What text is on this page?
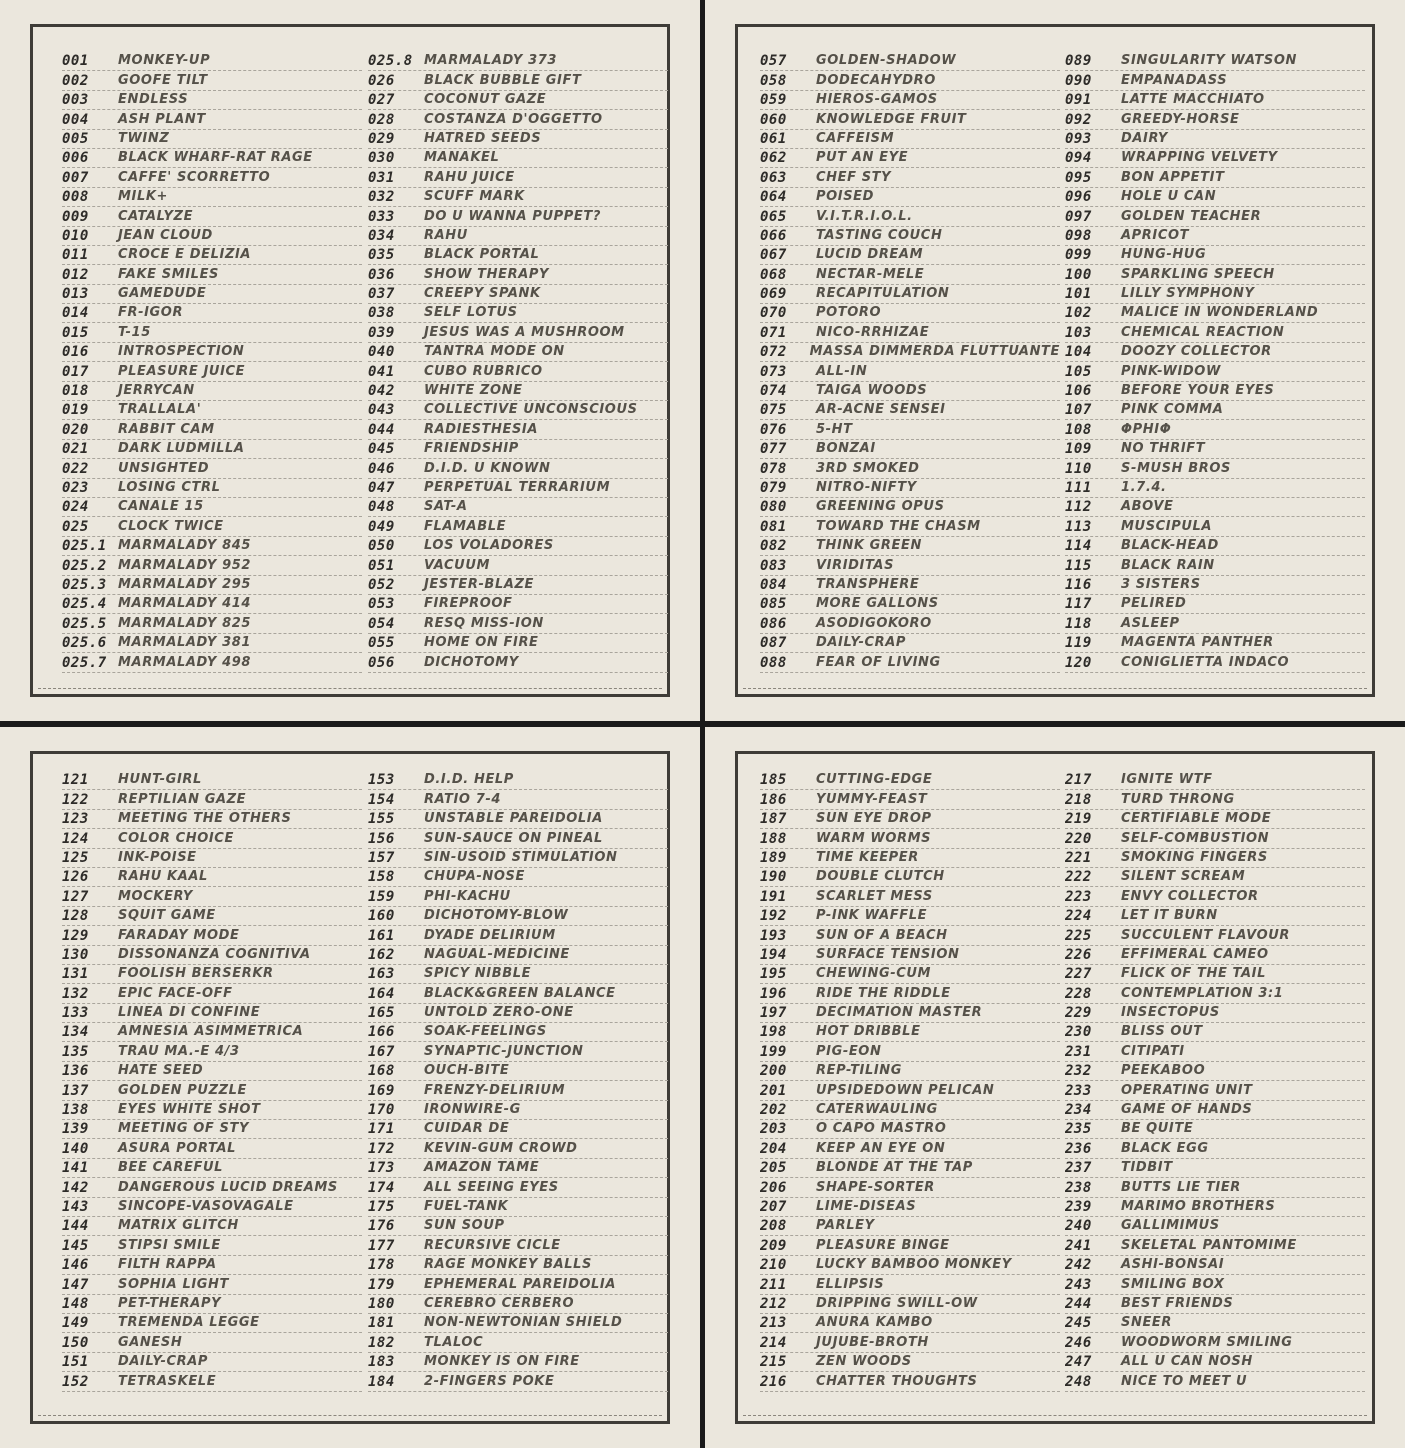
001	MONKEY-UP
002	GOOFE TILT
003	ENDLESS
004	ASH PLANT
005	TWINZ
006	BLACK WHARF-RAT RAGE
007	CAFFE' SCORRETTO
008	MILK+
009	CATALYZE
010	JEAN CLOUD
011	CROCE E DELIZIA
012	FAKE SMILES
013	GAMEDUDE
014	FR-IGOR
015	T-15
016	INTROSPECTION
017	PLEASURE JUICE
018	JERRYCAN
019	TRALLALA'
020	RABBIT CAM
021	DARK LUDMILLA
022	UNSIGHTED
023	LOSING CTRL
024	CANALE 15
025	CLOCK TWICE
025.1 MARMALADY 845
025.2 MARMALADY 952
025.3 MARMALADY 295
025.4 MARMALADY 414
025.5 MARMALADY 825
025.6 MARMALADY 381
025.7 MARMALADY 498
025.8 MARMALADY 373
026	BLACK BUBBLE GIFT
027	COCONUT GAZE
028	COSTANZA D'OGGETTO
029	HATRED SEEDS
030	MANAKEL
031	RAHU JUICE
032	SCUFF MARK
033	DO U WANNA PUPPET?
034	RAHU
035	BLACK PORTAL
036	SHOW THERAPY
037	CREEPY SPANK
038	SELF LOTUS
039	JESUS WAS A MUSHROOM
040	TANTRA MODE ON
041	CUBO RUBRICO
042	WHITE ZONE
043	COLLECTIVE UNCONSCIOUS
044	RADIESTHESIA
045	FRIENDSHIP
046	D.I.D. U KNOWN
047	PERPETUAL TERRARIUM
048	SAT-A
049	FLAMABLE
050	LOS VOLADORES
051	VACUUM
052	JESTER-BLAZE
053	FIREPROOF
054	RESQ MISS-ION
055	HOME ON FIRE
056	DICHOTOMY
057	GOLDEN-SHADOW
058	DODECAHYDRO
059	HIEROS-GAMOS
060	KNOWLEDGE FRUIT
061	CAFFEISM
062	PUT AN EYE
063	CHEF STY
064	POISED
065	V.I.T.R.I.O.L.
066	TASTING COUCH
067	LUCID DREAM
068	NECTAR-MELE
069	RECAPITULATION
070	POTORO
071	NICO-RRHIZAE
072	MASSA DIMMERDA FLUTTUANTE
073	ALL-IN
074	TAIGA WOODS
075	AR-ACNE SENSEI
076	5-HT
077	BONZAI
078	3RD SMOKED
079	NITRO-NIFTY
080	GREENING OPUS
081	TOWARD THE CHASM
082	THINK GREEN
083	VIRIDITAS
084	TRANSPHERE
085	MORE GALLONS
086	ASODIGOKORO
087	DAILY-CRAP
088	FEAR OF LIVING
089	SINGULARITY WATSON
090	EMPANADASS
091	LATTE MACCHIATO
092	GREEDY-HORSE
093	DAIRY
094	WRAPPING VELVETY
095	BON APPETIT
096	HOLE U CAN
097	GOLDEN TEACHER
098	APRICOT
099	HUNG-HUG
100	SPARKLING SPEECH
101	LILLY SYMPHONY
102	MALICE IN WONDERLAND
103	CHEMICAL REACTION
104	DOOZY COLLECTOR
105	PINK-WIDOW
106	BEFORE YOUR EYES
107	PINK COMMA
108	ΦPHIΦ
109	NO THRIFT
110	S-MUSH BROS
111	1.7.4.
112	ABOVE
113	MUSCIPULA
114	BLACK-HEAD
115	BLACK RAIN
116	3 SISTERS
117	PELIRED
118	ASLEEP
119	MAGENTA PANTHER
120	CONIGLIETTA INDACO
121	HUNT-GIRL
122	REPTILIAN GAZE
123	MEETING THE OTHERS
124	COLOR CHOICE
125	INK-POISE
126	RAHU KAAL
127	MOCKERY
128	SQUIT GAME
129	FARADAY MODE
130	DISSONANZA COGNITIVA
131	FOOLISH BERSERKR
132	EPIC FACE-OFF
133	LINEA DI CONFINE
134	AMNESIA ASIMMETRICA
135	TRAU MA.-E 4/3
136	HATE SEED
137	GOLDEN PUZZLE
138	EYES WHITE SHOT
139	MEETING OF STY
140	ASURA PORTAL
141	BEE CAREFUL
142	DANGEROUS LUCID DREAMS
143	SINCOPE-VASOVAGALE
144	MATRIX GLITCH
145	STIPSI SMILE
146	FILTH RAPPA
147	SOPHIA LIGHT
148	PET-THERAPY
149	TREMENDA LEGGE
150	GANESH
151	DAILY-CRAP
152	TETRASKELE
153	D.I.D. HELP
154	RATIO 7-4
155	UNSTABLE PAREIDOLIA
156	SUN-SAUCE ON PINEAL
157	SIN-USOID STIMULATION
158	CHUPA-NOSE
159	PHI-KACHU
160	DICHOTOMY-BLOW
161	DYADE DELIRIUM
162	NAGUAL-MEDICINE
163	SPICY NIBBLE
164	BLACK&GREEN BALANCE
165	UNTOLD ZERO-ONE
166	SOAK-FEELINGS
167	SYNAPTIC-JUNCTION
168	OUCH-BITE
169	FRENZY-DELIRIUM
170	IRONWIRE-G
171	CUIDAR DE
172	KEVIN-GUM CROWD
173	AMAZON TAME
174	ALL SEEING EYES
175	FUEL-TANK
176	SUN SOUP
177	RECURSIVE CICLE
178	RAGE MONKEY BALLS
179	EPHEMERAL PAREIDOLIA
180	CEREBRO CERBERO
181	NON-NEWTONIAN SHIELD
182	TLALOC
183	MONKEY IS ON FIRE
184	2-FINGERS POKE
185	CUTTING-EDGE
186	YUMMY-FEAST
187	SUN EYE DROP
188	WARM WORMS
189	TIME KEEPER
190	DOUBLE CLUTCH
191	SCARLET MESS
192	P-INK WAFFLE
193	SUN OF A BEACH
194	SURFACE TENSION
195	CHEWING-CUM
196	RIDE THE RIDDLE
197	DECIMATION MASTER
198	HOT DRIBBLE
199	PIG-EON
200	REP-TILING
201	UPSIDEDOWN PELICAN
202	CATERWAULING
203	O CAPO MASTRO
204	KEEP AN EYE ON
205	BLONDE AT THE TAP
206	SHAPE-SORTER
207	LIME-DISEAS
208	PARLEY
209	PLEASURE BINGE
210	LUCKY BAMBOO MONKEY
211	ELLIPSIS
212	DRIPPING SWILL-OW
213	ANURA KAMBO
214	JUJUBE-BROTH
215	ZEN WOODS
216	CHATTER THOUGHTS
217	IGNITE WTF
218	TURD THRONG
219	CERTIFIABLE MODE
220	SELF-COMBUSTION
221	SMOKING FINGERS
222	SILENT SCREAM
223	ENVY COLLECTOR
224	LET IT BURN
225	SUCCULENT FLAVOUR
226	EFFIMERAL CAMEO
227	FLICK OF THE TAIL
228	CONTEMPLATION 3:1
229	INSECTOPUS
230	BLISS OUT
231	CITIPATI
232	PEEKABOO
233	OPERATING UNIT
234	GAME OF HANDS
235	BE QUITE
236	BLACK EGG
237	TIDBIT
238	BUTTS LIE TIER
239	MARIMO BROTHERS
240	GALLIMIMUS
241	SKELETAL PANTOMIME
242	ASHI-BONSAI
243	SMILING BOX
244	BEST FRIENDS
245	SNEER
246	WOODWORM SMILING
247	ALL U CAN NOSH
248	NICE TO MEET U
